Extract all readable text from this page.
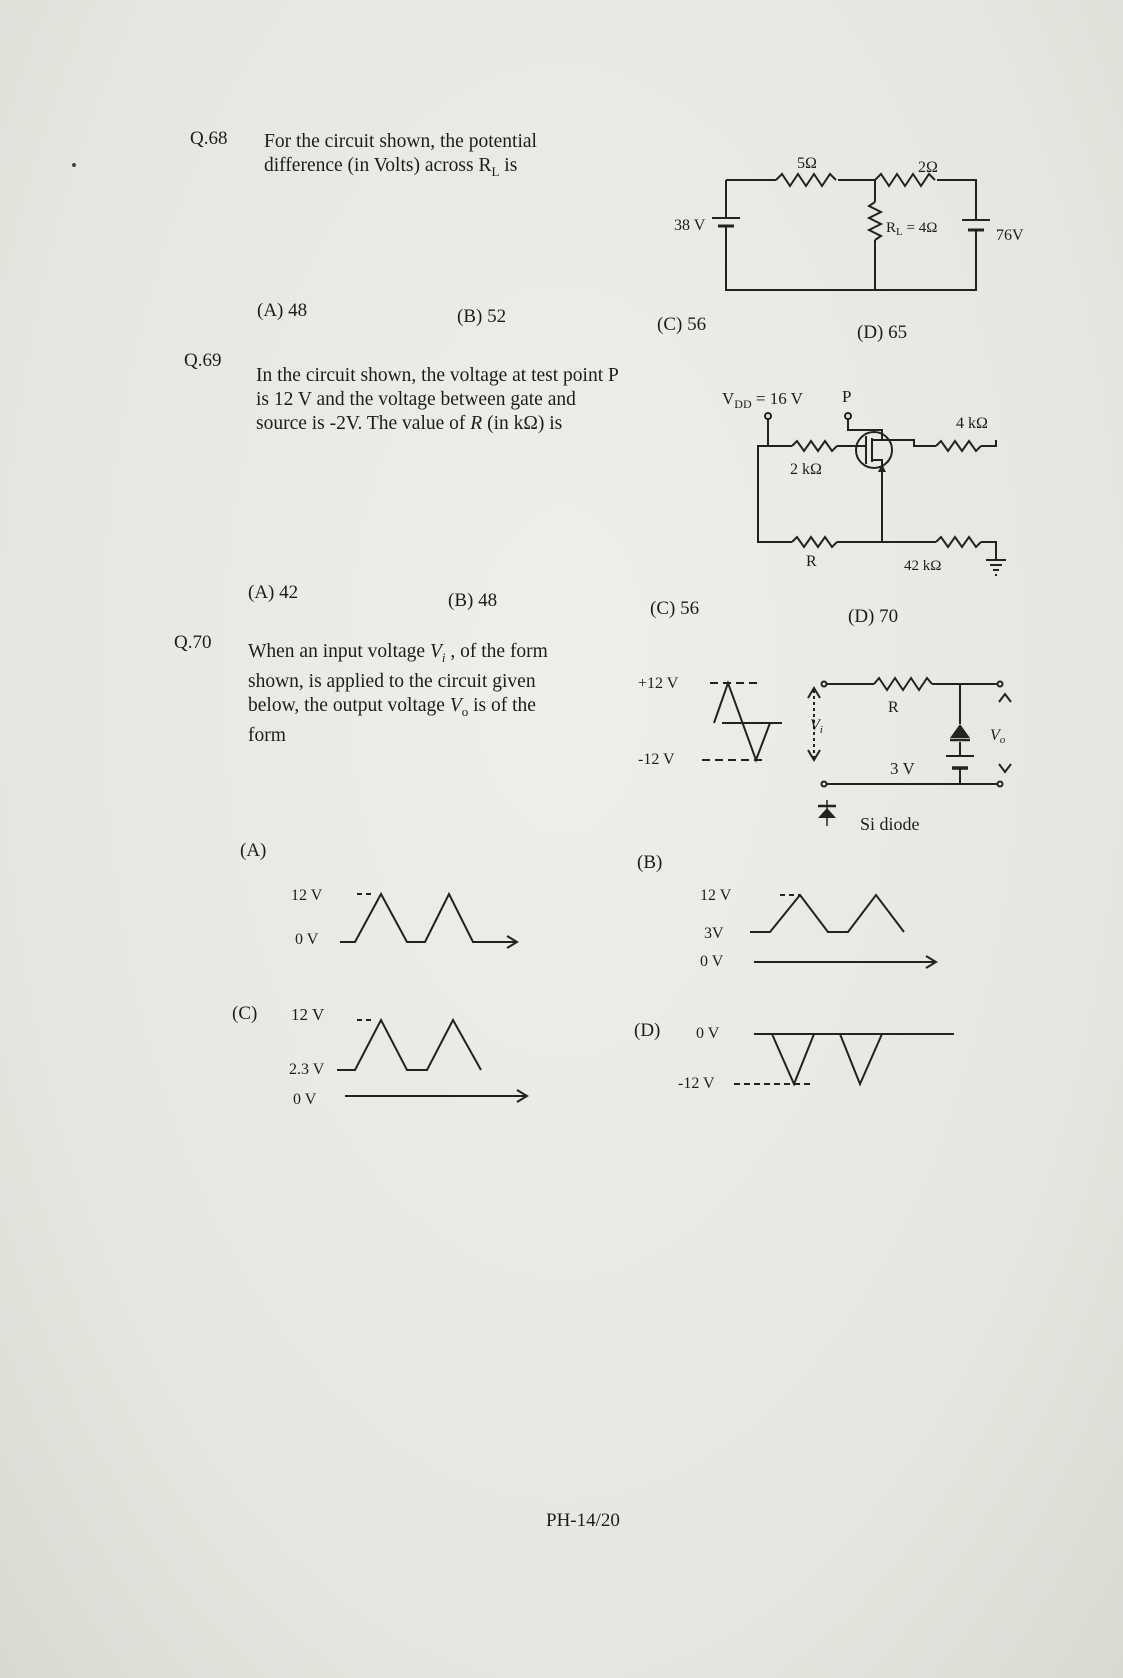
Q.68 For the circuit shown, the potential
difference (in Volts) across $R_L$ is	5Ω	2Ω
$R_L = 4\Omega$
38 V
76V
(A) 48	(B) 52	(C) 56	(D) 65
Q.69
In the circuit shown, the voltage at test point P
is 12 V and the voltage between gate and
source is -2V. The value of R (in kΩ) is
$V_{DD} = 16$ V P
4 kΩ
2 kΩ
R	42 kΩ
(A) 42	(B) 48	(C) 56	(D) 70
Q.70 When an input voltage $V_i$ , of the form
shown, is applied to the circuit given
below, the output voltage $V_o$ is of the
form
+12 V
-12 V
Vi
R
3 V
Vo
Si diode
(A)
12 V
0 V
(B)
12 V
3V
0 V
(C) 12 V
2.3 V
0 V
(D) 0 V
-12 V
PH-14/20
